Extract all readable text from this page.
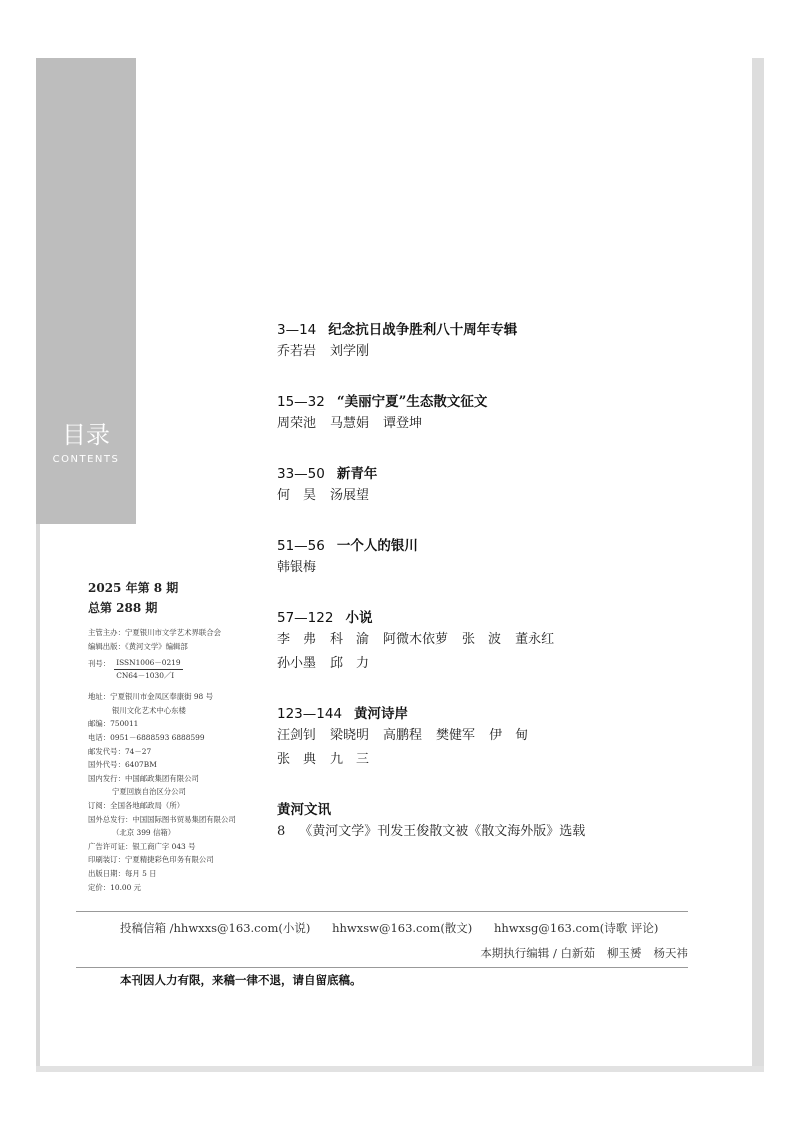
目录
CONTENTS
2025 年第 8 期
总第 288 期
主管主办：宁夏银川市文学艺术界联合会
编辑出版：《黄河文学》编辑部
刊号： ISSN1006－0219
CN64－1030／I
地址：宁夏银川市金凤区奉康街 98 号
银川文化艺术中心东楼
邮编：750011
电话：0951－6888593 6888599
邮发代号：74－27
国外代号：6407BM
国内发行：中国邮政集团有限公司
宁夏回族自治区分公司
订阅：全国各地邮政局（所）
国外总发行：中国国际图书贸易集团有限公司
（北京 399 信箱）
广告许可证：银工商广字 043 号
印刷装订：宁夏精捷彩色印务有限公司
出版日期：每月 5 日
定价：10.00 元
3—14 纪念抗日战争胜利八十周年专辑
乔若岩 刘学刚
15—32 “美丽宁夏”生态散文征文
周荣池 马慧娟 谭登坤
33—50 新青年
何　昊 汤展望
51—56 一个人的银川
韩银梅
57—122 小说
李　弗 科　渝 阿微木依萝 张　波 董永红
孙小墨 邱　力
123—144 黄河诗岸
汪剑钊 梁晓明 高鹏程 樊健军 伊　甸
张　典 九　三
黄河文讯
8 《黄河文学》刊发王俊散文被《散文海外版》选载
投稿信箱 /hhwxxs@163.com(小说) hhwxsw@163.com(散文) hhwxsg@163.com(诗歌 评论)
本期执行编辑 / 白新茹 柳玉赟 杨天祎
本刊因人力有限，来稿一律不退，请自留底稿。
